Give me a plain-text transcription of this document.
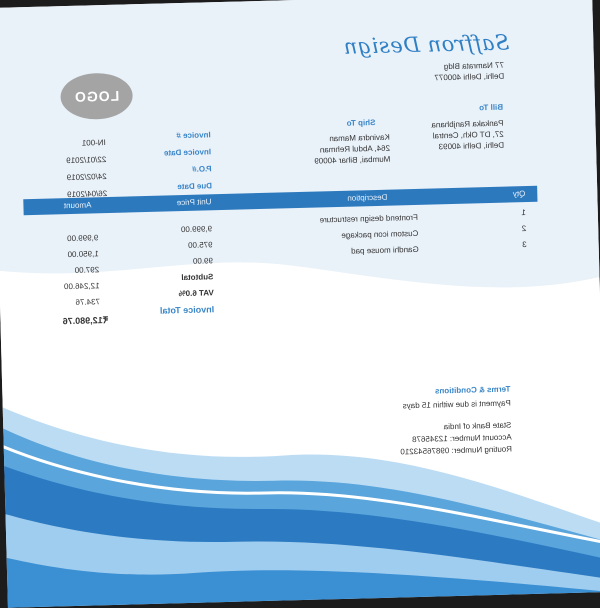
Saffron Design
77 Namrata Bldg
Delhi, Delhi 400077
LOGO
Bill To
Pankaka Ranjbhana
27, DT Okh, Central
Delhi, Delhi 40093
Ship To
Kavindra Maman
264, Abdul Rehman
Mumbai, Bihar 40009
Invoice #
IN-001
Invoice Date
22/01/2019
P.O.#
24/02/2019
Due Date
26/04/2019	Qty
Description
Unit Price
Amount
1
Frontend design restructure
9,999.00
9,999.00
2
Custom icon package
975.00
1,950.00
3
Gandhi mouse pad
99.00
297.00
Subtotal
12,246.00
VAT 6.0%
734.76
Invoice Total
₹12,980.76
Terms & Conditions
Payment is due within 15 days
State Bank of India
Account Number: 12345678
Routing Number: 09876543210
